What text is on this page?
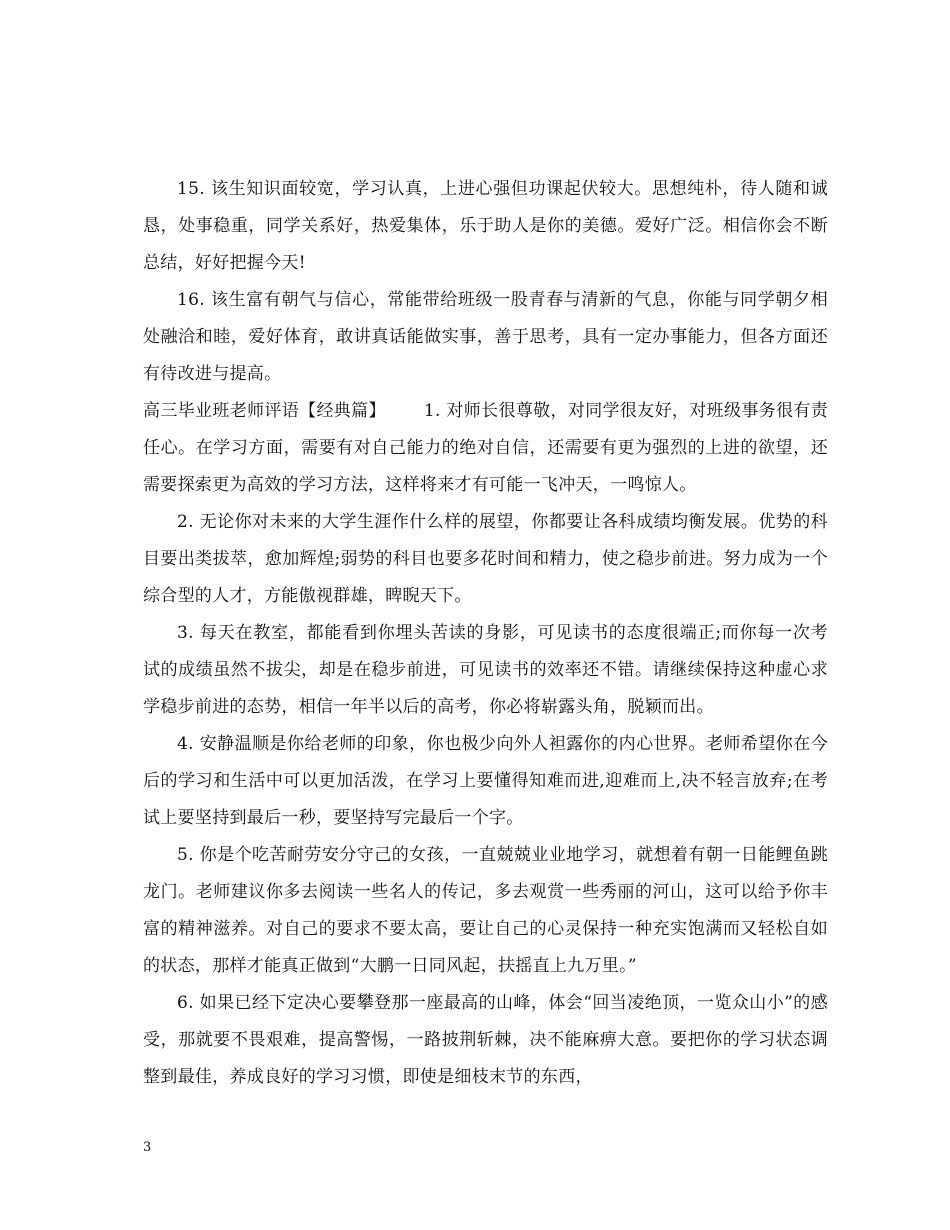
15. 该生知识面较宽，学习认真，上进心强但功课起伏较大。思想纯朴，待人随和诚恳，处事稳重，同学关系好，热爱集体，乐于助人是你的美德。爱好广泛。相信你会不断总结，好好把握今天!

16. 该生富有朝气与信心，常能带给班级一股青春与清新的气息，你能与同学朝夕相处融洽和睦，爱好体育，敢讲真话能做实事，善于思考，具有一定办事能力，但各方面还有待改进与提高。

高三毕业班老师评语【经典篇】 1. 对师长很尊敬，对同学很友好，对班级事务很有责任心。在学习方面，需要有对自己能力的绝对自信，还需要有更为强烈的上进的欲望，还需要探索更为高效的学习方法，这样将来才有可能一飞冲天，一鸣惊人。

2. 无论你对未来的大学生涯作什么样的展望，你都要让各科成绩均衡发展。优势的科目要出类拔萃，愈加辉煌;弱势的科目也要多花时间和精力，使之稳步前进。努力成为一个综合型的人才，方能傲视群雄，睥睨天下。

3. 每天在教室，都能看到你埋头苦读的身影，可见读书的态度很端正;而你每一次考试的成绩虽然不拔尖，却是在稳步前进，可见读书的效率还不错。请继续保持这种虚心求学稳步前进的态势，相信一年半以后的高考，你必将崭露头角，脱颖而出。

4. 安静温顺是你给老师的印象，你也极少向外人袒露你的内心世界。老师希望你在今后的学习和生活中可以更加活泼，在学习上要懂得知难而进,迎难而上,决不轻言放弃;在考试上要坚持到最后一秒，要坚持写完最后一个字。

5. 你是个吃苦耐劳安分守己的女孩，一直兢兢业业地学习，就想着有朝一日能鲤鱼跳龙门。老师建议你多去阅读一些名人的传记，多去观赏一些秀丽的河山，这可以给予你丰富的精神滋养。对自己的要求不要太高，要让自己的心灵保持一种充实饱满而又轻松自如的状态，那样才能真正做到“大鹏一日同风起，扶摇直上九万里。”

6. 如果已经下定决心要攀登那一座最高的山峰，体会“回当凌绝顶，一览众山小”的感受，那就要不畏艰难，提高警惕，一路披荆斩棘，决不能麻痹大意。要把你的学习状态调整到最佳，养成良好的学习习惯，即使是细枝末节的东西，

3
